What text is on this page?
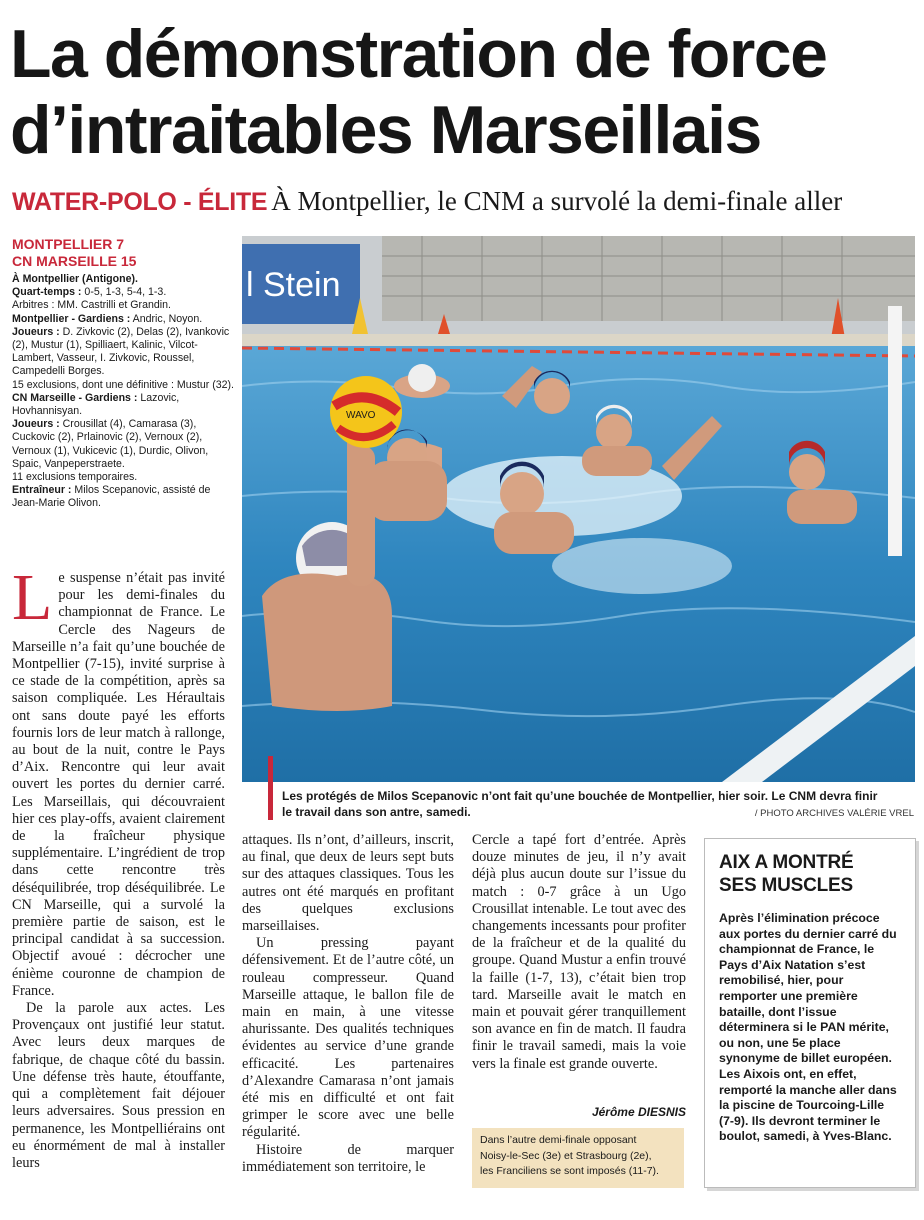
La démonstration de force
d’intraitables Marseillais
WATER-POLO - ÉLITE À Montpellier, le CNM a survolé la demi-finale aller
MONTPELLIER 7
CN MARSEILLE 15
À Montpellier (Antigone).
Quart-temps : 0-5, 1-3, 5-4, 1-3.
Arbitres : MM. Castrilli et Grandin.
Montpellier - Gardiens : Andric, Noyon.
Joueurs : D. Zivkovic (2), Delas (2), Ivankovic (2), Mustur (1), Spilliaert, Kalinic, Vilcot-Lambert, Vasseur, I. Zivkovic, Roussel, Campedelli Borges.
15 exclusions, dont une définitive : Mustur (32).
CN Marseille - Gardiens : Lazovic, Hovhannisyan.
Joueurs : Crousillat (4), Camarasa (3), Cuckovic (2), Prlainovic (2), Vernoux (2), Vernoux (1), Vukicevic (1), Durdic, Olivon, Spaic, Vanpeperstraete.
11 exclusions temporaires.
Entraîneur : Milos Scepanovic, assisté de Jean-Marie Olivon.
l Stein
WAVO
Les protégés de Milos Scepanovic n’ont fait qu’une bouchée de Montpellier, hier soir. Le CNM devra finir le travail dans son antre, samedi.	/ PHOTO ARCHIVES VALÉRIE VREL

Le suspense n’était pas invité pour les demi-finales du championnat de France. Le Cercle des Nageurs de Marseille n’a fait qu’une bouchée de Montpellier (7-15), invité surprise à ce stade de la compétition, après sa saison compliquée. Les Héraultais ont sans doute payé les efforts fournis lors de leur match à rallonge, au bout de la nuit, contre le Pays d’Aix. Rencontre qui leur avait ouvert les portes du dernier carré. Les Marseillais, qui découvraient hier ces play-offs, avaient clairement de la fraîcheur physique supplémentaire. L’ingrédient de trop dans cette rencontre très déséquilibrée, trop déséquilibrée. Le CN Marseille, qui a survolé la première partie de saison, est le principal candidat à sa succession. Objectif avoué : décrocher une énième couronne de champion de France.

De la parole aux actes. Les Provençaux ont justifié leur statut. Avec leurs deux marques de fabrique, de chaque côté du bassin. Une défense très haute, étouffante, qui a complètement fait déjouer leurs adversaires. Sous pression en permanence, les Montpelliérains ont eu énormément de mal à installer leurs

attaques. Ils n’ont, d’ailleurs, inscrit, au final, que deux de leurs sept buts sur des attaques classiques. Tous les autres ont été marqués en profitant des quelques exclusions marseillaises.

Un pressing payant défensivement. Et de l’autre côté, un rouleau compresseur. Quand Marseille attaque, le ballon file de main en main, à une vitesse ahurissante. Des qualités techniques évidentes au service d’une grande efficacité. Les partenaires d’Alexandre Camarasa n’ont jamais été mis en difficulté et ont fait grimper le score avec une belle régularité.

Histoire de marquer immédiatement son territoire, le

Cercle a tapé fort d’entrée. Après douze minutes de jeu, il n’y avait déjà plus aucun doute sur l’issue du match : 0-7 grâce à un Ugo Crousillat intenable. Le tout avec des changements incessants pour profiter de la fraîcheur et de la qualité du groupe. Quand Mustur a enfin trouvé la faille (1-7, 13), c’était bien trop tard. Marseille avait le match en main et pouvait gérer tranquillement son avance en fin de match. Il faudra finir le travail samedi, mais la voie vers la finale est grande ouverte.

Jérôme DIESNIS
Dans l’autre demi-finale opposant
Noisy-le-Sec (3e) et Strasbourg (2e),
les Franciliens se sont imposés (11-7).
AIX A MONTRÉ
SES MUSCLES
Après l’élimination précoce aux portes du dernier carré du championnat de France, le Pays d’Aix Natation s’est remobilisé, hier, pour remporter une première bataille, dont l’issue déterminera si le PAN mérite, ou non, une 5e place synonyme de billet européen. Les Aixois ont, en effet, remporté la manche aller dans la piscine de Tourcoing-Lille (7-9). Ils devront terminer le boulot, samedi, à Yves-Blanc.
